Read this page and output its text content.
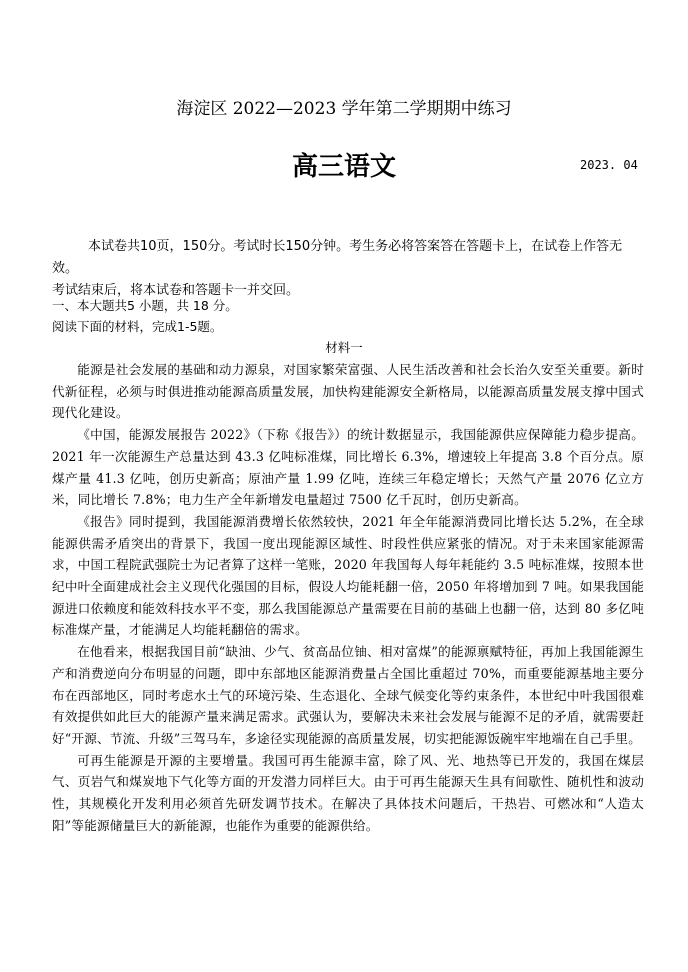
海淀区 2022—2023 学年第二学期期中练习
高三语文	2023. 04
本试卷共10页，150分。考试时长150分钟。考生务必将答案答在答题卡上，在试卷上作答无效。
考试结束后，将本试卷和答题卡一并交回。
一、本大题共5 小题，共 18 分。
阅读下面的材料，完成1-5题。
材料一

能源是社会发展的基础和动力源泉，对国家繁荣富强、人民生活改善和社会长治久安至关重要。新时代新征程，必须与时俱进推动能源高质量发展，加快构建能源安全新格局，以能源高质量发展支撑中国式现代化建设。

《中国，能源发展报告 2022》（下称《报告》）的统计数据显示，我国能源供应保障能力稳步提高。2021 年一次能源生产总量达到 43.3 亿吨标准煤，同比增长 6.3%，增速较上年提高 3.8 个百分点。原煤产量 41.3 亿吨，创历史新高；原油产量 1.99 亿吨，连续三年稳定增长；天然气产量 2076 亿立方米，同比增长 7.8%；电力生产全年新增发电量超过 7500 亿千瓦时，创历史新高。

《报告》同时提到，我国能源消费增长依然较快，2021 年全年能源消费同比增长达 5.2%，在全球能源供需矛盾突出的背景下，我国一度出现能源区域性、时段性供应紧张的情况。对于未来国家能源需求，中国工程院武强院士为记者算了这样一笔账，2020 年我国每人每年耗能约 3.5 吨标准煤，按照本世纪中叶全面建成社会主义现代化强国的目标，假设人均能耗翻一倍，2050 年将增加到 7 吨。如果我国能源进口依赖度和能效科技水平不变，那么我国能源总产量需要在目前的基础上也翻一倍，达到 80 多亿吨标准煤产量，才能满足人均能耗翻倍的需求。

在他看来，根据我国目前“缺油、少气、贫高品位铀、相对富煤”的能源禀赋特征，再加上我国能源生产和消费逆向分布明显的问题，即中东部地区能源消费量占全国比重超过 70%，而重要能源基地主要分布在西部地区，同时考虑水土气的环境污染、生态退化、全球气候变化等约束条件，本世纪中叶我国很难有效提供如此巨大的能源产量来满足需求。武强认为，要解决未来社会发展与能源不足的矛盾，就需要赶好“开源、节流、升级”三驾马车，多途径实现能源的高质量发展，切实把能源饭碗牢牢地端在自己手里。

可再生能源是开源的主要增量。我国可再生能源丰富，除了风、光、地热等已开发的，我国在煤层气、页岩气和煤炭地下气化等方面的开发潜力同样巨大。由于可再生能源天生具有间歇性、随机性和波动性，其规模化开发利用必须首先研发调节技术。在解决了具体技术问题后，干热岩、可燃冰和“人造太阳”等能源储量巨大的新能源，也能作为重要的能源供给。
